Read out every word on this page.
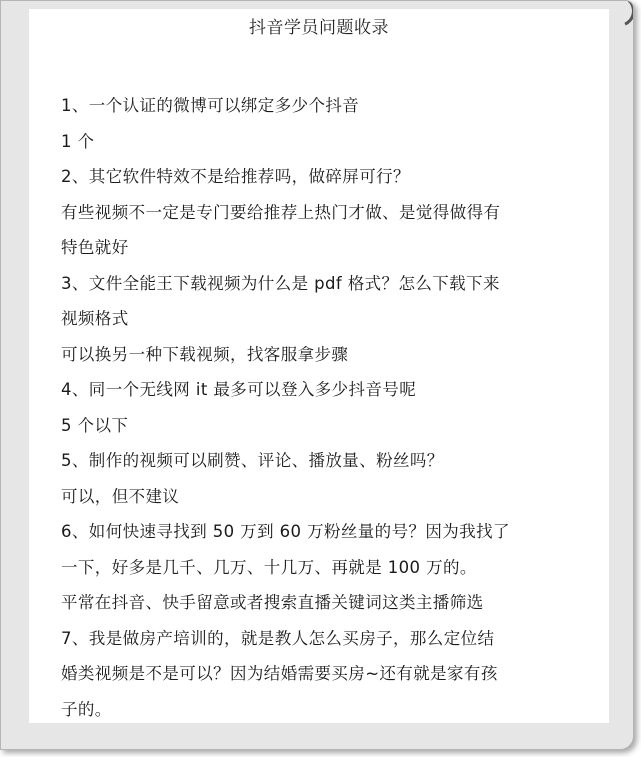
抖音学员问题收录
1、一个认证的微博可以绑定多少个抖音
1 个
2、其它软件特效不是给推荐吗，做碎屏可行？
有些视频不一定是专门要给推荐上热门才做、是觉得做得有
特色就好
3、文件全能王下载视频为什么是 pdf 格式？怎么下载下来
视频格式
可以换另一种下载视频，找客服拿步骤
4、同一个无线网 it 最多可以登入多少抖音号呢
5 个以下
5、制作的视频可以刷赞、评论、播放量、粉丝吗？
可以，但不建议
6、如何快速寻找到 50 万到 60 万粉丝量的号？因为我找了
一下，好多是几千、几万、十几万、再就是 100 万的。
平常在抖音、快手留意或者搜索直播关键词这类主播筛选
7、我是做房产培训的，就是教人怎么买房子，那么定位结
婚类视频是不是可以？因为结婚需要买房~还有就是家有孩
子的。
